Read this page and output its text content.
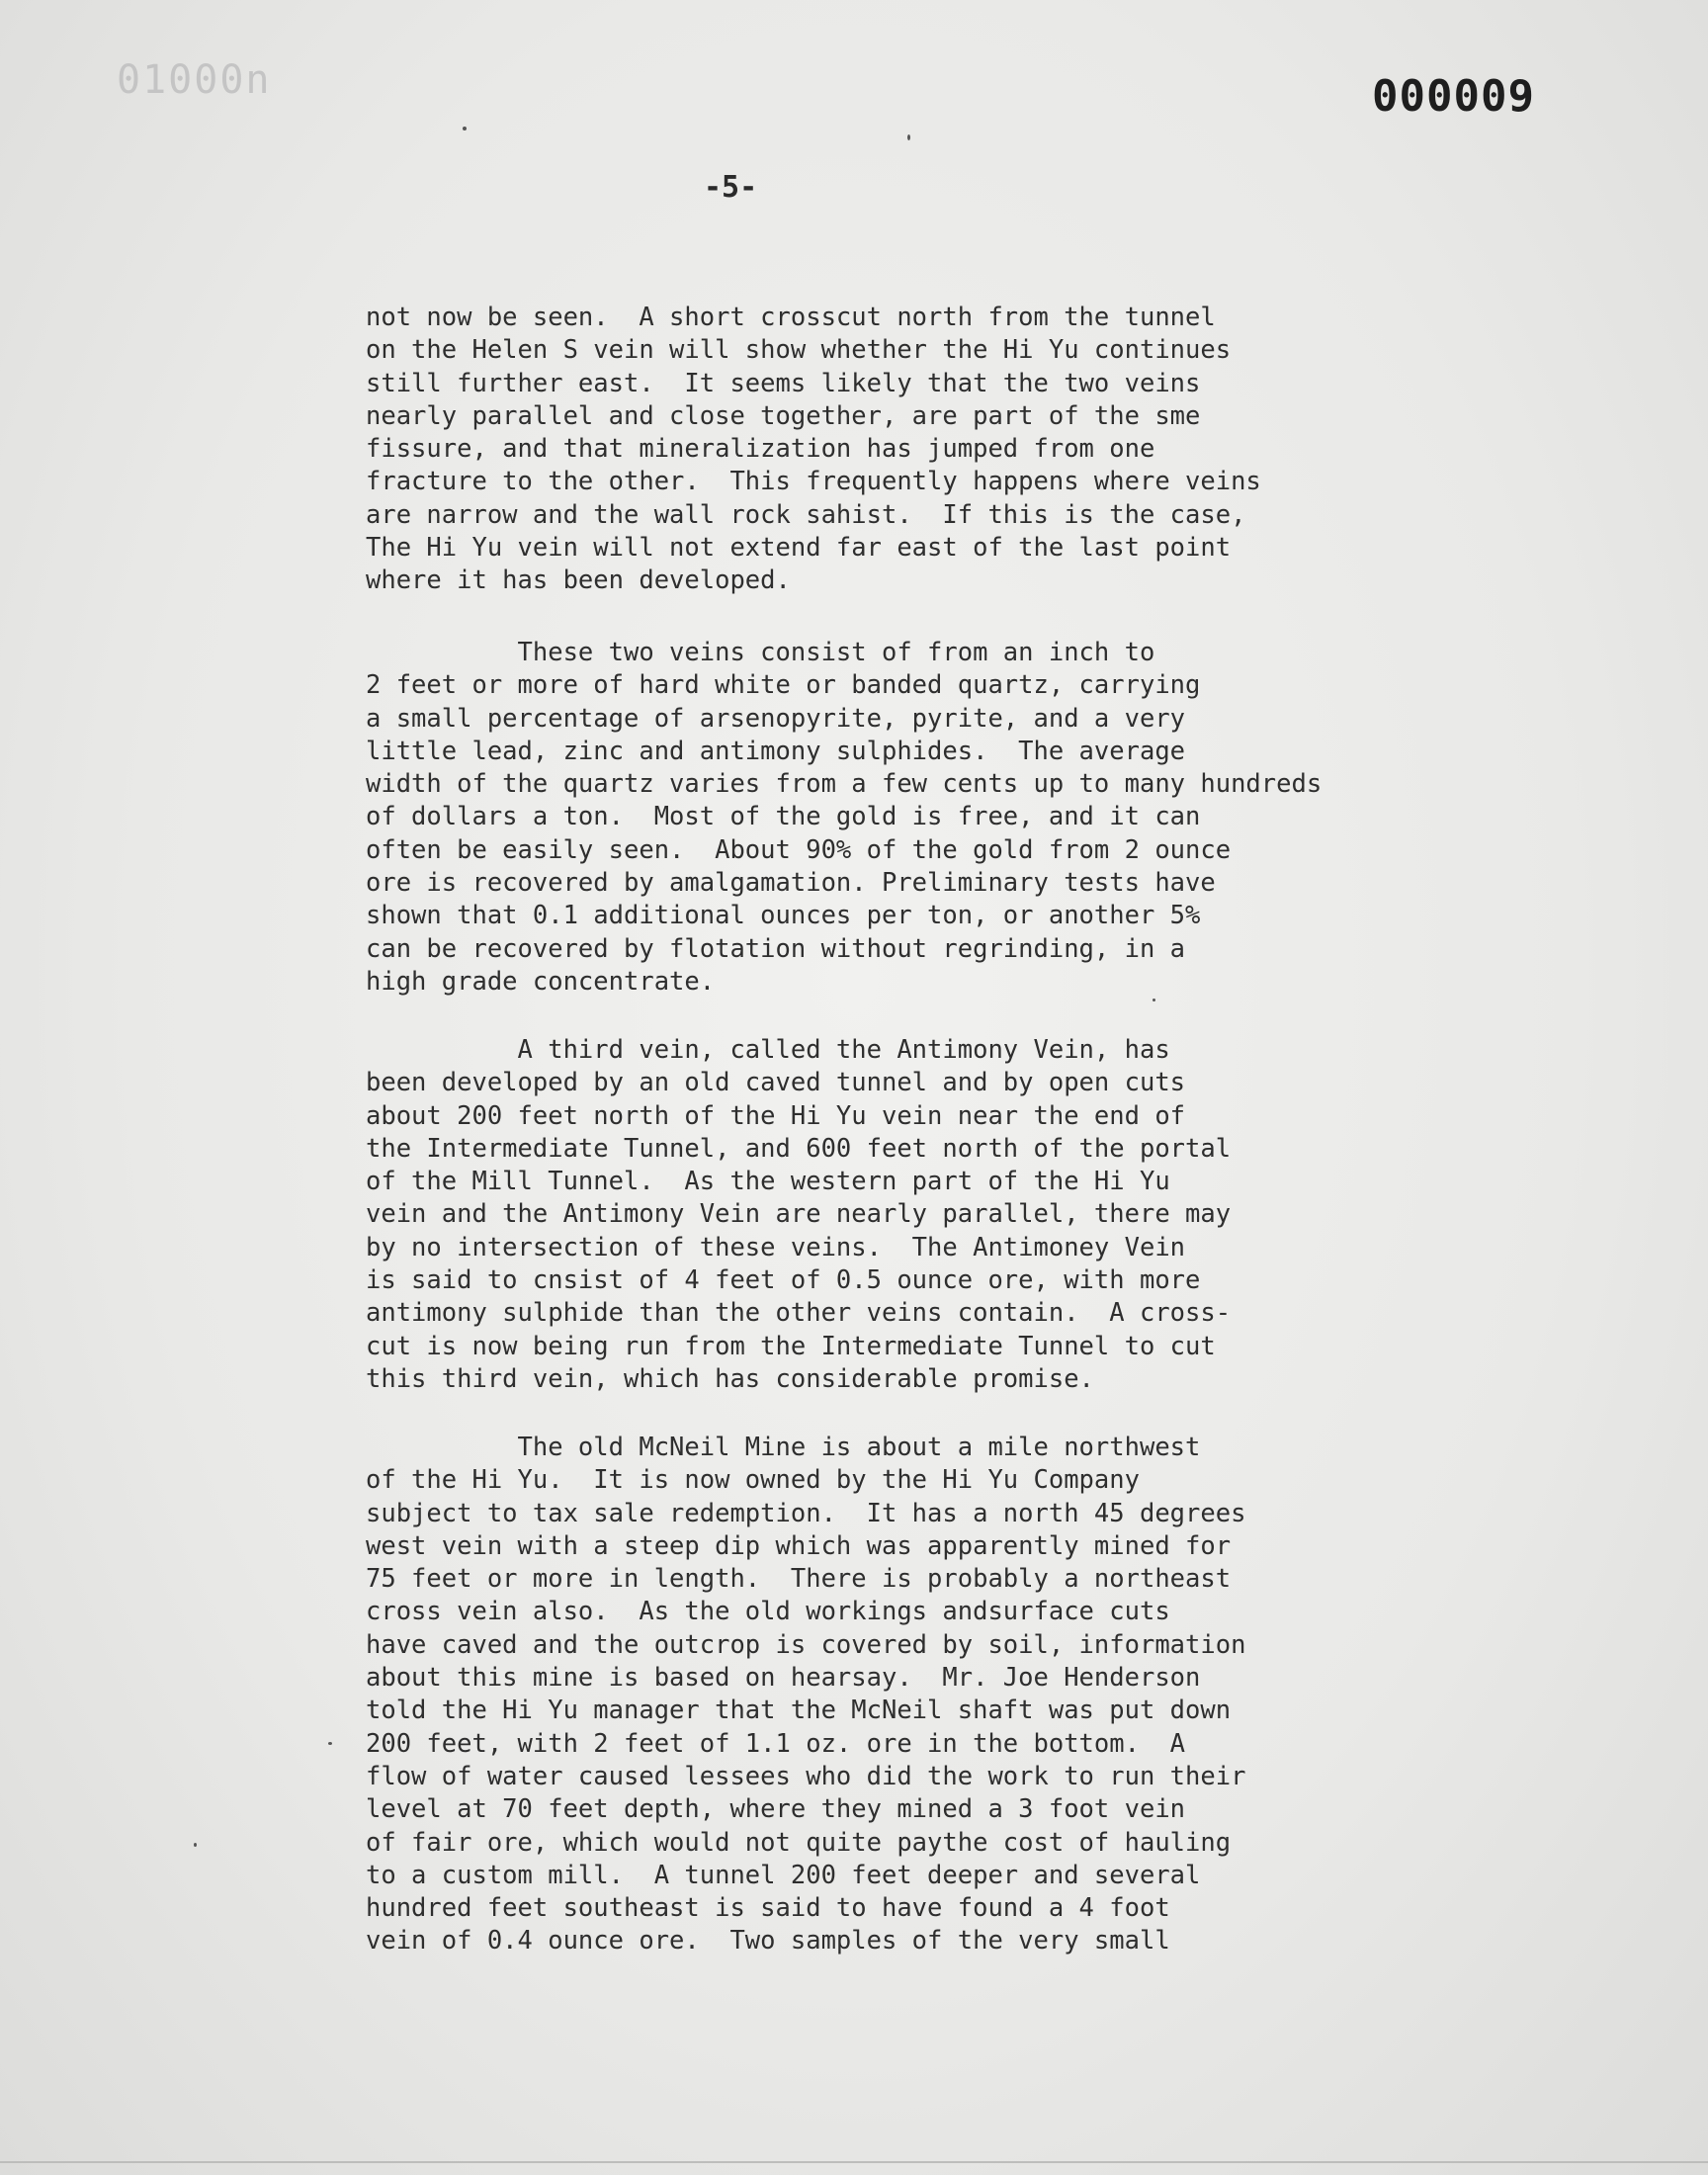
01000n	000009
-5-
not now be seen.  A short crosscut north from the tunnel
on the Helen S vein will show whether the Hi Yu continues
still further east.  It seems likely that the two veins
nearly parallel and close together, are part of the sme
fissure, and that mineralization has jumped from one
fracture to the other.  This frequently happens where veins
are narrow and the wall rock sahist.  If this is the case,
The Hi Yu vein will not extend far east of the last point
where it has been developed.
These two veins consist of from an inch to
2 feet or more of hard white or banded quartz, carrying
a small percentage of arsenopyrite, pyrite, and a very
little lead, zinc and antimony sulphides.  The average
width of the quartz varies from a few cents up to many hundreds
of dollars a ton.  Most of the gold is free, and it can
often be easily seen.  About 90% of the gold from 2 ounce
ore is recovered by amalgamation. Preliminary tests have
shown that 0.1 additional ounces per ton, or another 5%
can be recovered by flotation without regrinding, in a
high grade concentrate.
A third vein, called the Antimony Vein, has
been developed by an old caved tunnel and by open cuts
about 200 feet north of the Hi Yu vein near the end of
the Intermediate Tunnel, and 600 feet north of the portal
of the Mill Tunnel.  As the western part of the Hi Yu
vein and the Antimony Vein are nearly parallel, there may
by no intersection of these veins.  The Antimoney Vein
is said to cnsist of 4 feet of 0.5 ounce ore, with more
antimony sulphide than the other veins contain.  A cross-
cut is now being run from the Intermediate Tunnel to cut
this third vein, which has considerable promise.
The old McNeil Mine is about a mile northwest
of the Hi Yu.  It is now owned by the Hi Yu Company
subject to tax sale redemption.  It has a north 45 degrees
west vein with a steep dip which was apparently mined for
75 feet or more in length.  There is probably a northeast
cross vein also.  As the old workings andsurface cuts
have caved and the outcrop is covered by soil, information
about this mine is based on hearsay.  Mr. Joe Henderson
told the Hi Yu manager that the McNeil shaft was put down
200 feet, with 2 feet of 1.1 oz. ore in the bottom.  A
flow of water caused lessees who did the work to run their
level at 70 feet depth, where they mined a 3 foot vein
of fair ore, which would not quite paythe cost of hauling
to a custom mill.  A tunnel 200 feet deeper and several
hundred feet southeast is said to have found a 4 foot
vein of 0.4 ounce ore.  Two samples of the very small
